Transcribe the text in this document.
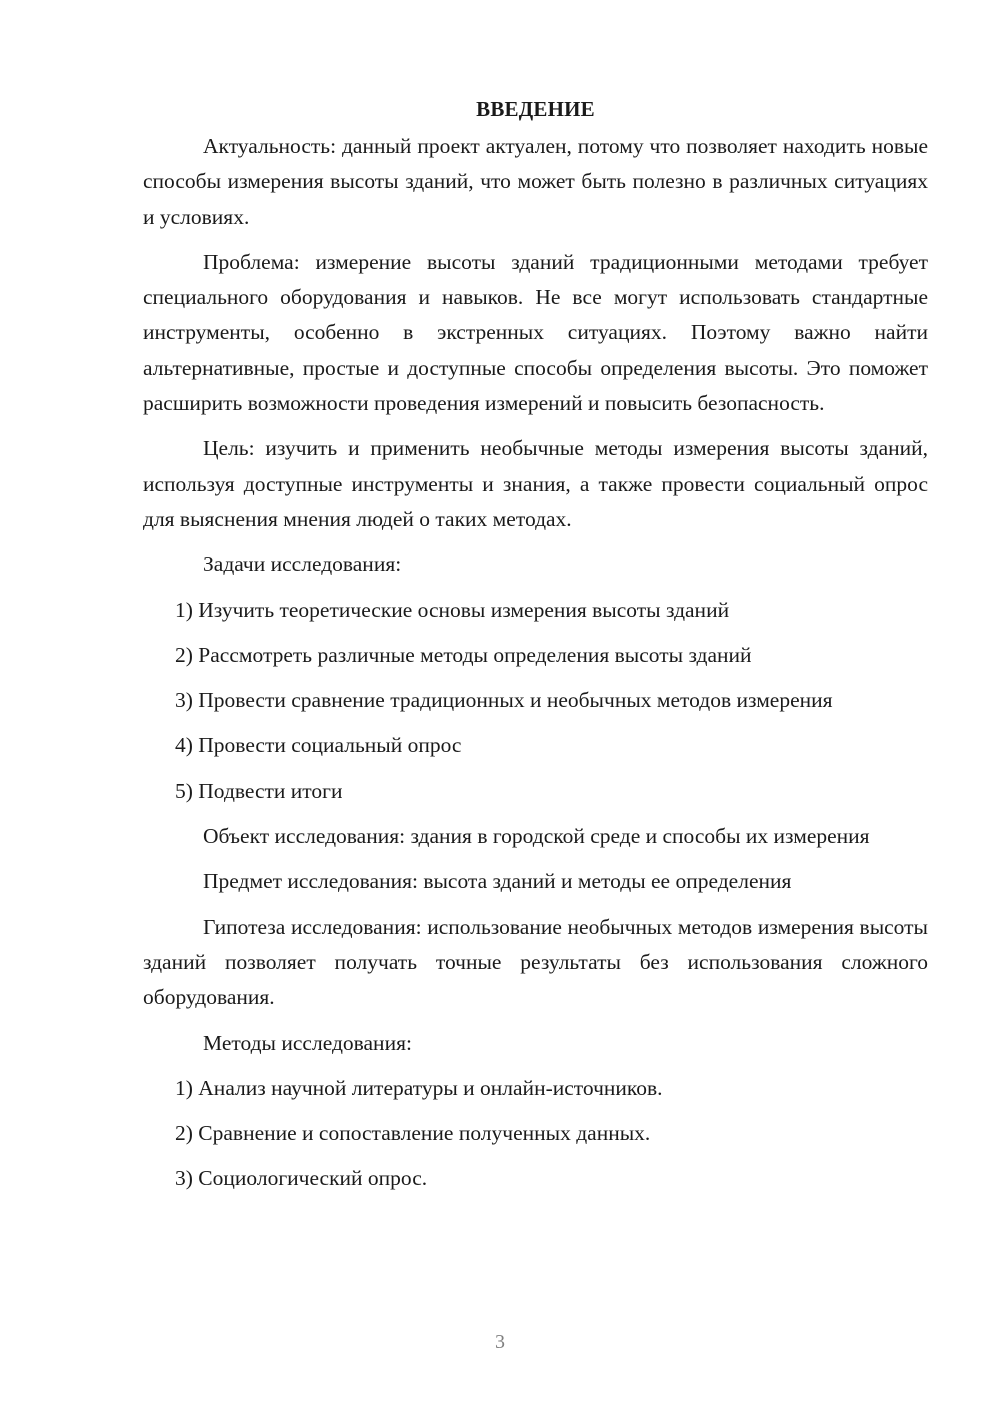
ВВЕДЕНИЕ

Актуальность: данный проект актуален, потому что позволяет находить новые способы измерения высоты зданий, что может быть полезно в различных ситуациях и условиях.

Проблема: измерение высоты зданий традиционными методами требует специального оборудования и навыков. Не все могут использовать стандартные инструменты, особенно в экстренных ситуациях. Поэтому важно найти альтернативные, простые и доступные способы определения высоты. Это поможет расширить возможности проведения измерений и повысить безопасность.

Цель: изучить и применить необычные методы измерения высоты зданий, используя доступные инструменты и знания, а также провести социальный опрос для выяснения мнения людей о таких методах.

Задачи исследования:

1) Изучить теоретические основы измерения высоты зданий

2) Рассмотреть различные методы определения высоты зданий

3) Провести сравнение традиционных и необычных методов измерения

4) Провести социальный опрос

5) Подвести итоги

Объект исследования: здания в городской среде и способы их измерения

Предмет исследования: высота зданий и методы ее определения

Гипотеза исследования: использование необычных методов измерения высоты зданий позволяет получать точные результаты без использования сложного оборудования.

Методы исследования:

1) Анализ научной литературы и онлайн-источников.

2) Сравнение и сопоставление полученных данных.

3) Социологический опрос.

3
